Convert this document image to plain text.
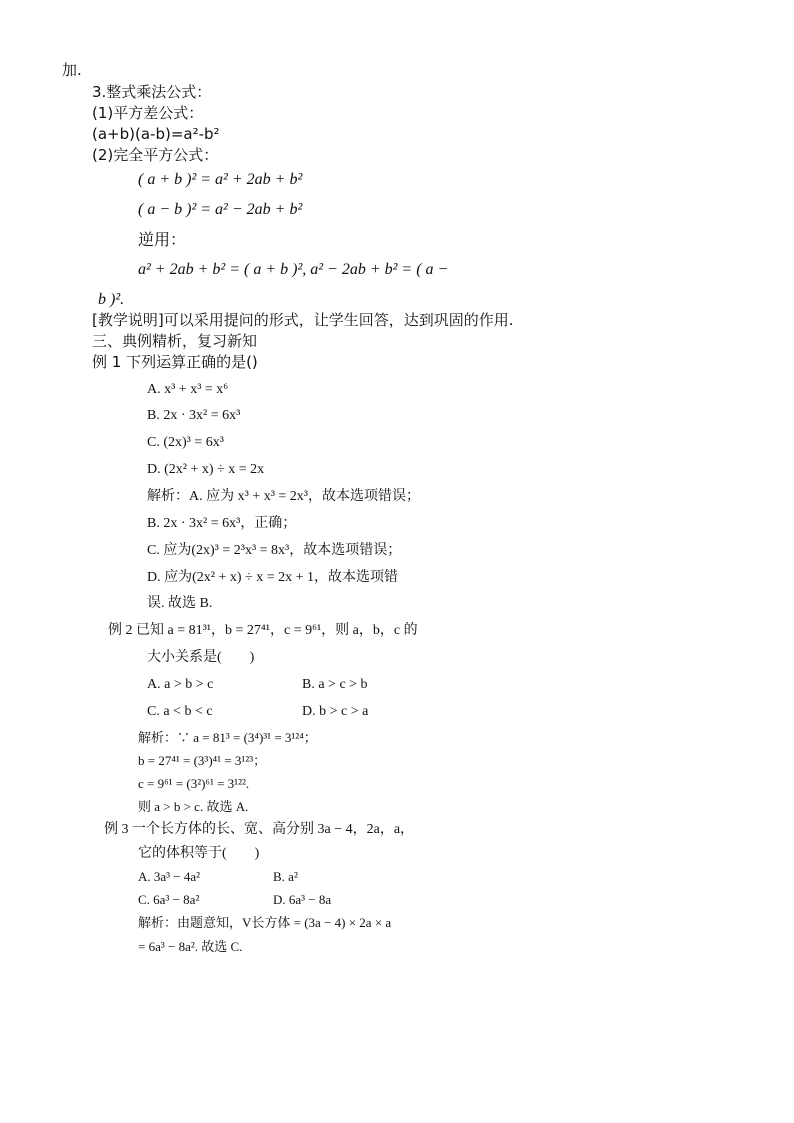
加.
3.整式乘法公式：
(1)平方差公式：
(a+b)(a-b)=a²-b²
(2)完全平方公式：
( a + b )² = a² + 2ab + b²
( a − b )² = a² − 2ab + b²
逆用：
a² + 2ab + b² = ( a + b )², a² − 2ab + b² = ( a −
b )².
[教学说明]可以采用提问的形式，让学生回答，达到巩固的作用.
三、典例精析，复习新知
例 1 下列运算正确的是()
A. x³ + x³ = x⁶
B. 2x · 3x² = 6x³
C. (2x)³ = 6x³
D. (2x² + x) ÷ x = 2x
解析：A. 应为 x³ + x³ = 2x³，故本选项错误；
B. 2x · 3x² = 6x³，正确；
C. 应为(2x)³ = 2³x³ = 8x³，故本选项错误；
D. 应为(2x² + x) ÷ x = 2x + 1，故本选项错
误. 故选 B.
例 2 已知 a = 81³¹，b = 27⁴¹，c = 9⁶¹，则 a，b，c 的
大小关系是(　　)
A. a > b > c	B. a > c > b
C. a < b < c	D. b > c > a
解析：∵ a = 81³ = (3⁴)³¹ = 3¹²⁴；
b = 27⁴¹ = (3³)⁴¹ = 3¹²³；
c = 9⁶¹ = (3²)⁶¹ = 3¹²².
则 a > b > c. 故选 A.
例 3 一个长方体的长、宽、高分别 3a − 4，2a，a，
它的体积等于(　　)
A. 3a³ − 4a²	B. a²
C. 6a³ − 8a²	D. 6a³ − 8a
解析：由题意知，V长方体 = (3a − 4) × 2a × a
= 6a³ − 8a². 故选 C.
